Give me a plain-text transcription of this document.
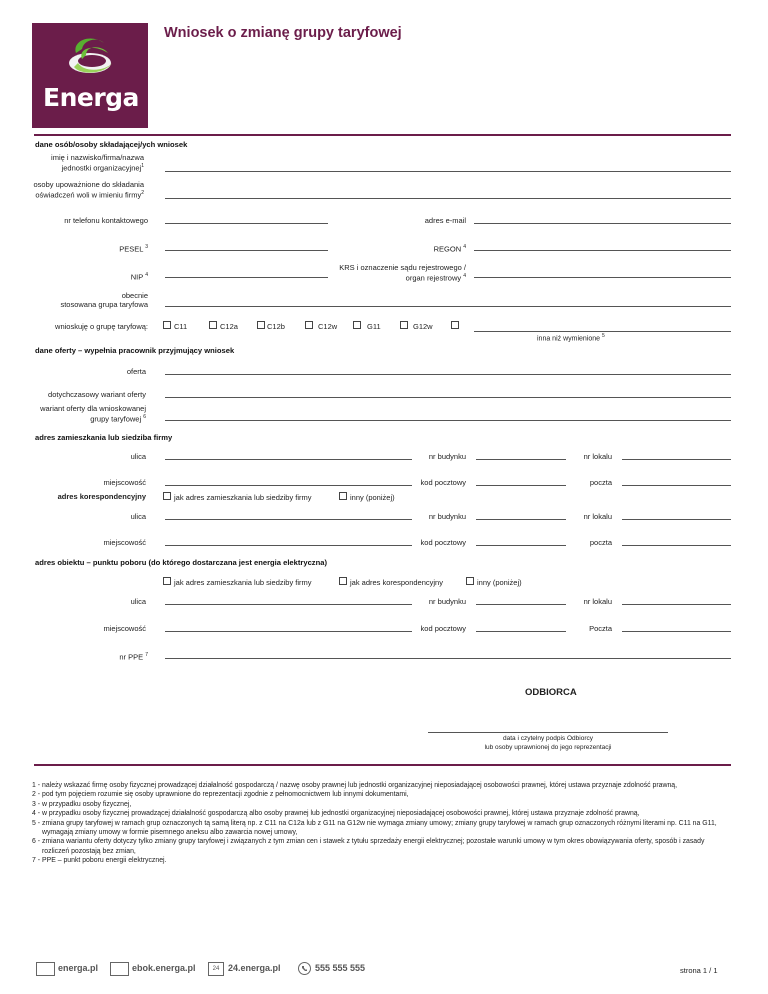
Energa
Wniosek o zmianę grupy taryfowej
dane osób/osoby składającej/ych wniosek
imię i nazwisko/firma/nazwa
jednostki organizacyjnej$^1$
osoby upoważnione do składania
oświadczeń woli w imieniu firmy$^2$
nr telefonu kontaktowego	adres e-mail
PESEL $^3$	REGON $^4$
NIP $^4$
KRS i oznaczenie sądu rejestrowego /
organ rejestrowy $^4$
obecnie
stosowana grupa taryfowa
wnioskuję o grupę taryfową:	C11	C12a	C12b	C12w	G11	G12w
inna niż wymienione $^5$
dane oferty – wypełnia pracownik przyjmujący wniosek
oferta
dotychczasowy wariant oferty
wariant oferty dla wnioskowanej
grupy taryfowej $^6$
adres zamieszkania lub siedziba firmy
ulica	nr budynku	nr lokalu
miejscowość	kod pocztowy	poczta
adres korespondencyjny	jak adres zamieszkania lub siedziby firmy	inny (poniżej)
ulica	nr budynku	nr lokalu
miejscowość	kod pocztowy	poczta
adres obiektu – punktu poboru (do którego dostarczana jest energia elektryczna)
jak adres zamieszkania lub siedziby firmy	jak adres korespondencyjny	inny (poniżej)
ulica	nr budynku	nr lokalu
miejscowość	kod pocztowy	Poczta
nr PPE $^7$
ODBIORCA
data i czytelny podpis Odbiorcy
lub osoby uprawnionej do jego reprezentacji
1 - należy wskazać firmę osoby fizycznej prowadzącej działalność gospodarczą / nazwę osoby prawnej lub jednostki organizacyjnej nieposiadającej osobowości prawnej, której ustawa przyznaje zdolność prawną,
2 - pod tym pojęciem rozumie się osoby uprawnione do reprezentacji zgodnie z pełnomocnictwem lub innymi dokumentami,
3 - w przypadku osoby fizycznej,
4 - w przypadku osoby fizycznej prowadzącej działalność gospodarczą albo osoby prawnej lub jednostki organizacyjnej nieposiadającej osobowości prawnej, której ustawa przyznaje zdolność prawną,
5 - zmiana grupy taryfowej w ramach grup oznaczonych tą samą literą np. z C11 na C12a lub z G11 na G12w nie wymaga zmiany umowy; zmiany grupy taryfowej w ramach grup oznaczonych różnymi literami np. C11 na G11, wymagają zmiany umowy w formie pisemnego aneksu albo zawarcia nowej umowy,
6 - zmiana wariantu oferty dotyczy tylko zmiany grupy taryfowej i związanych z tym zmian cen i stawek z tytułu sprzedaży energii elektrycznej; pozostałe warunki umowy w tym okres obowiązywania oferty, sposób i zasady rozliczeń pozostają bez zmian,
7 - PPE – punkt poboru energii elektrycznej.
energa.pl	ebok.energa.pl	24 24.energa.pl	555 555 555	strona 1 / 1
